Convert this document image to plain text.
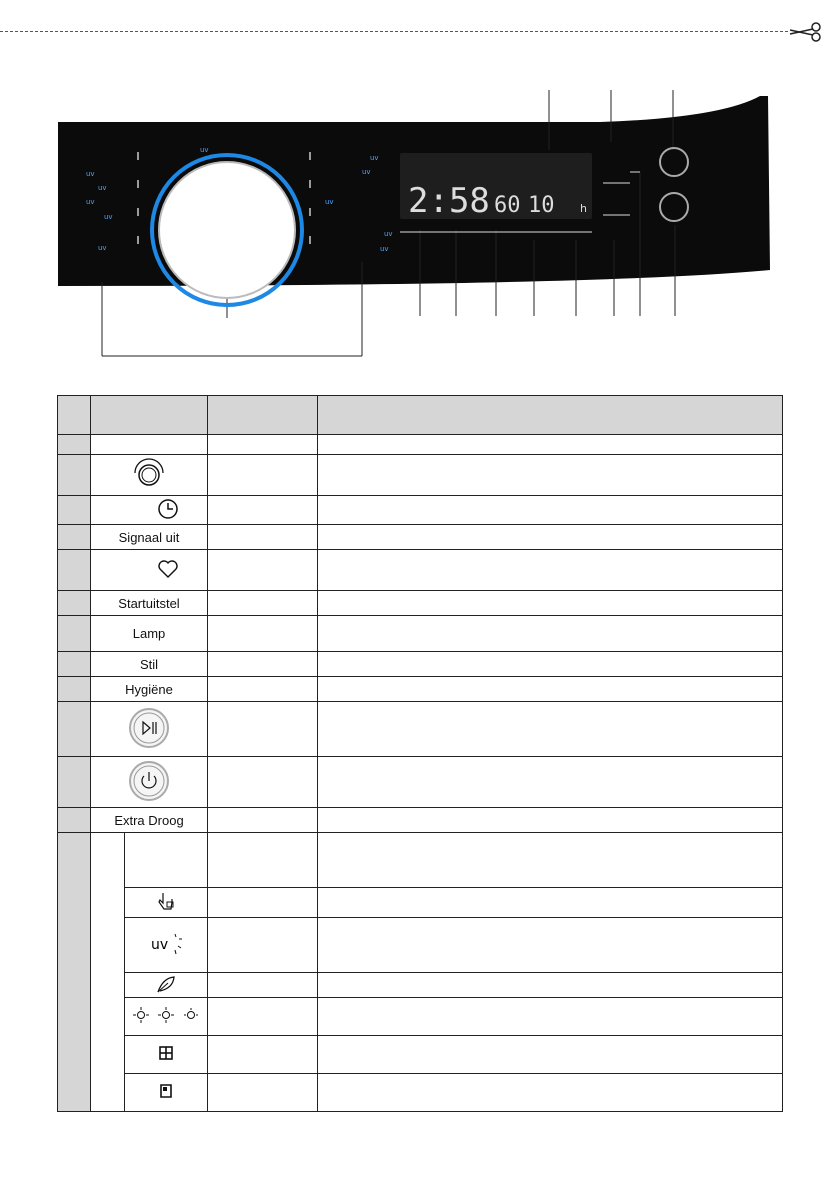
uv
uv
uv
uv
uv
uv
uv
uv
uv
uv
uv
2:58 60 10 h

	Signaal uit			

	Startuitstel			
	Lamp			
	Stil			
	Hygiëne			

	Extra Droog			

uv		
